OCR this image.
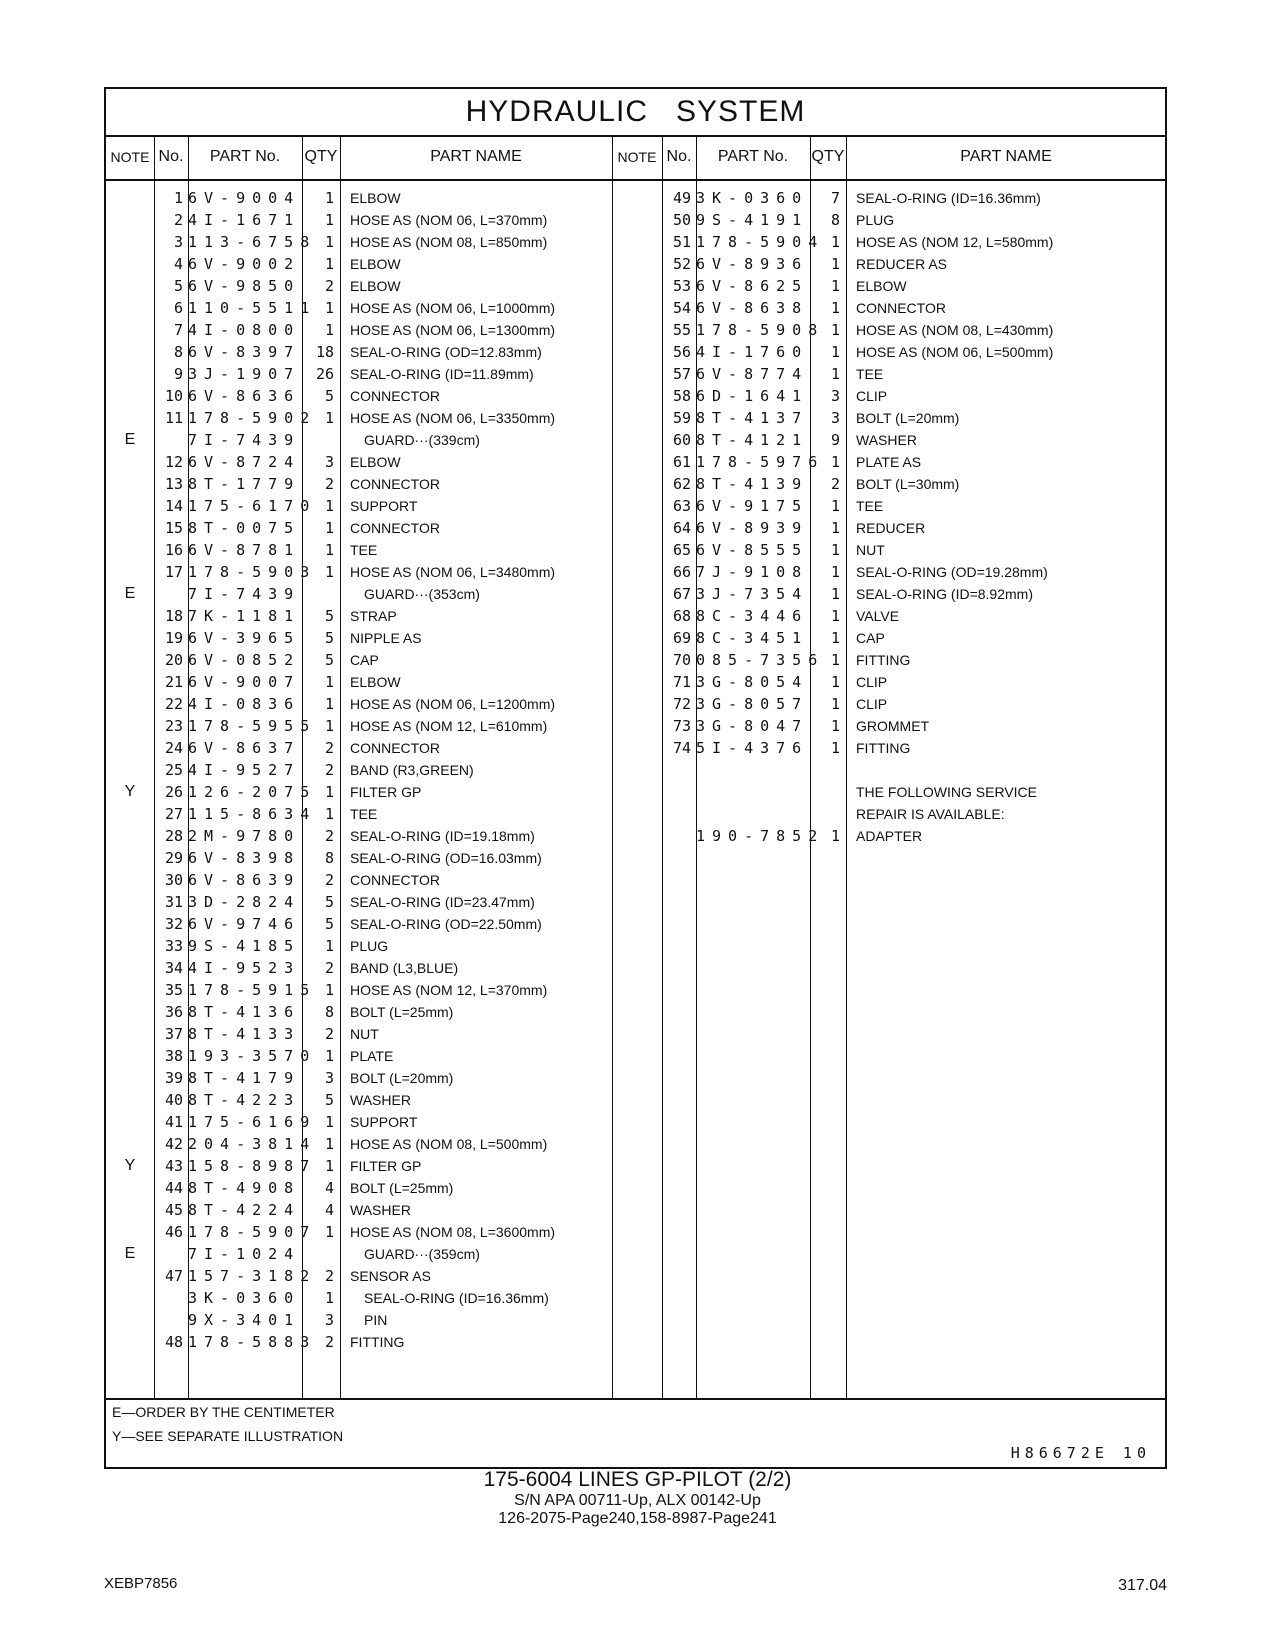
HYDRAULIC   SYSTEM
NOTE No.	PART No.	QTY	PART NAME	NOTE No.	PART No.	QTY	PART NAME
1 6V-9004	1 ELBOW
2 4I-1671	1 HOSE AS (NOM 06, L=370mm)
3 113-6758 1 HOSE AS (NOM 08, L=850mm)
4 6V-9002	1 ELBOW
5 6V-9850	2 ELBOW
6 110-5511 1 HOSE AS (NOM 06, L=1000mm)
7 4I-0800	1 HOSE AS (NOM 06, L=1300mm)
8 6V-8397	18 SEAL-O-RING (OD=12.83mm)
9 3J-1907	26 SEAL-O-RING (ID=11.89mm)
10 6V-8636	5 CONNECTOR
11 178-5902 1 HOSE AS (NOM 06, L=3350mm)
E	7I-7439	GUARD···(339cm)
12 6V-8724	3 ELBOW
13 8T-1779	2 CONNECTOR
14 175-6170 1 SUPPORT
15 8T-0075	1 CONNECTOR
16 6V-8781	1 TEE
17 178-5903 1 HOSE AS (NOM 06, L=3480mm)
E	7I-7439	GUARD···(353cm)
18 7K-1181	5 STRAP
19 6V-3965	5 NIPPLE AS
20 6V-0852	5 CAP
21 6V-9007	1 ELBOW
22 4I-0836	1 HOSE AS (NOM 06, L=1200mm)
23 178-5955 1 HOSE AS (NOM 12, L=610mm)
24 6V-8637	2 CONNECTOR
25 4I-9527	2 BAND (R3,GREEN)
Y	26 126-2075 1 FILTER GP
27 115-8634 1 TEE
28 2M-9780	2 SEAL-O-RING (ID=19.18mm)
29 6V-8398	8 SEAL-O-RING (OD=16.03mm)
30 6V-8639	2 CONNECTOR
31 3D-2824	5 SEAL-O-RING (ID=23.47mm)
32 6V-9746	5 SEAL-O-RING (OD=22.50mm)
33 9S-4185	1 PLUG
34 4I-9523	2 BAND (L3,BLUE)
35 178-5915 1 HOSE AS (NOM 12, L=370mm)
36 8T-4136	8 BOLT (L=25mm)
37 8T-4133	2 NUT
38 193-3570 1 PLATE
39 8T-4179	3 BOLT (L=20mm)
40 8T-4223	5 WASHER
41 175-6169 1 SUPPORT
42 204-3814 1 HOSE AS (NOM 08, L=500mm)
Y	43 158-8987 1 FILTER GP
44 8T-4908	4 BOLT (L=25mm)
45 8T-4224	4 WASHER
46 178-5907 1 HOSE AS (NOM 08, L=3600mm)
E	7I-1024	GUARD···(359cm)
47 157-3182 2 SENSOR AS
3K-0360	1	SEAL-O-RING (ID=16.36mm)
9X-3401	3	PIN
48 178-5883 2 FITTING
49 3K-0360	7 SEAL-O-RING (ID=16.36mm)
50 9S-4191	8 PLUG
51 178-5904 1 HOSE AS (NOM 12, L=580mm)
52 6V-8936	1 REDUCER AS
53 6V-8625	1 ELBOW
54 6V-8638	1 CONNECTOR
55 178-5908 1 HOSE AS (NOM 08, L=430mm)
56 4I-1760	1 HOSE AS (NOM 06, L=500mm)
57 6V-8774	1 TEE
58 6D-1641	3 CLIP
59 8T-4137	3 BOLT (L=20mm)
60 8T-4121	9 WASHER
61 178-5976 1 PLATE AS
62 8T-4139	2 BOLT (L=30mm)
63 6V-9175	1 TEE
64 6V-8939	1 REDUCER
65 6V-8555	1 NUT
66 7J-9108	1 SEAL-O-RING (OD=19.28mm)
67 3J-7354	1 SEAL-O-RING (ID=8.92mm)
68 8C-3446	1 VALVE
69 8C-3451	1 CAP
70 085-7356 1 FITTING
71 3G-8054	1 CLIP
72 3G-8057	1 CLIP
73 3G-8047	1 GROMMET
74 5I-4376	1 FITTING
THE FOLLOWING SERVICE
REPAIR IS AVAILABLE:
190-7852 1 ADAPTER
E—ORDER BY THE CENTIMETER
Y—SEE SEPARATE ILLUSTRATION
H86672E 10
175-6004 LINES GP-PILOT (2/2)
S/N APA 00711-Up, ALX 00142-Up
126-2075-Page240,158-8987-Page241
XEBP7856	317.04
